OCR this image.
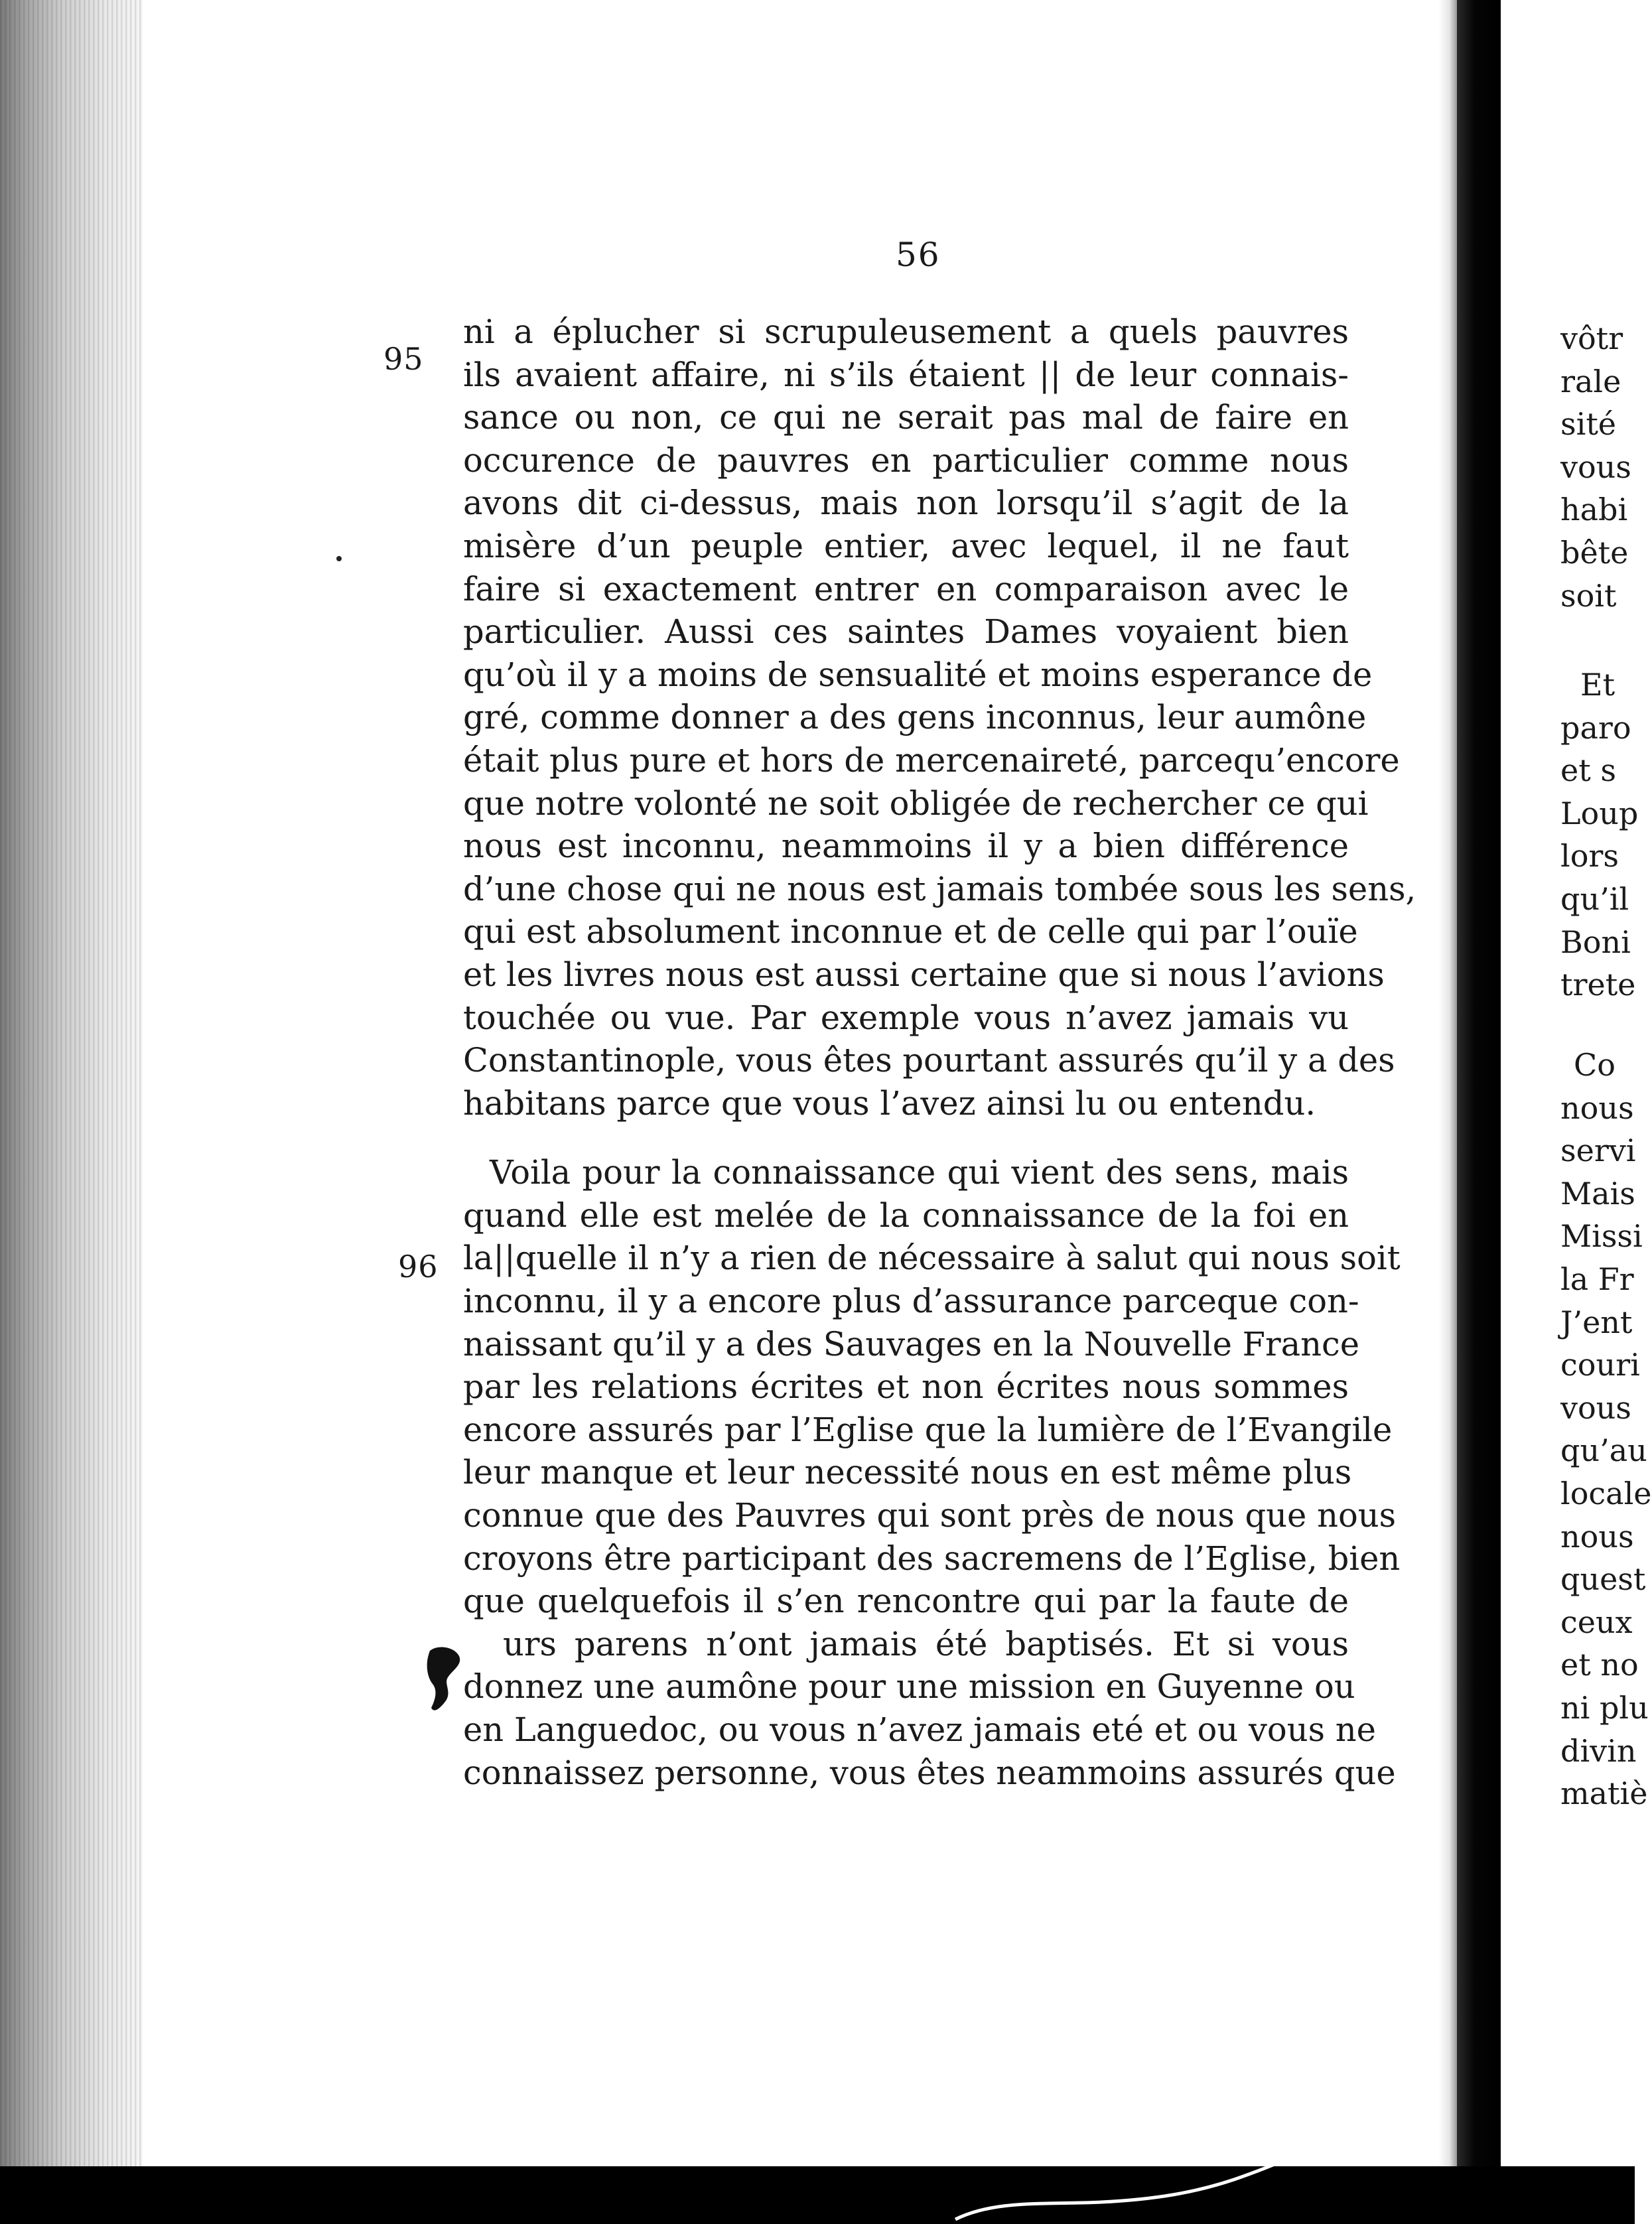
56
95
96
ni a éplucher si scrupuleusement a quels pauvres
ils avaient affaire, ni s’ils étaient || de leur connais-
sance ou non, ce qui ne serait pas mal de faire en
occurence de pauvres en particulier comme nous
avons dit ci-dessus, mais non lorsqu’il s’agit de la
misère d’un peuple entier, avec lequel, il ne faut
faire si exactement entrer en comparaison avec le
particulier. Aussi ces saintes Dames voyaient bien
qu’où il y a moins de sensualité et moins esperance de
gré, comme donner a des gens inconnus, leur aumône
était plus pure et hors de mercenaireté, parcequ’encore
que notre volonté ne soit obligée de rechercher ce qui
nous est inconnu, neammoins il y a bien différence
d’une chose qui ne nous est jamais tombée sous les sens,
qui est absolument inconnue et de celle qui par l’ouïe
et les livres nous est aussi certaine que si nous l’avions
touchée ou vue. Par exemple vous n’avez jamais vu
Constantinople, vous êtes pourtant assurés qu’il y a des
habitans parce que vous l’avez ainsi lu ou entendu.
Voila pour la connaissance qui vient des sens, mais
quand elle est melée de la connaissance de la foi en
la||quelle il n’y a rien de nécessaire à salut qui nous soit
inconnu, il y a encore plus d’assurance parceque con-
naissant qu’il y a des Sauvages en la Nouvelle France
par les relations écrites et non écrites nous sommes
encore assurés par l’Eglise que la lumière de l’Evangile
leur manque et leur necessité nous en est même plus
connue que des Pauvres qui sont près de nous que nous
croyons être participant des sacremens de l’Eglise, bien
que quelquefois il s’en rencontre qui par la faute de
urs parens n’ont jamais été baptisés. Et si vous
donnez une aumône pour une mission en Guyenne ou
en Languedoc, ou vous n’avez jamais eté et ou vous ne
connaissez personne, vous êtes neammoins assurés que
vôtr
rale
sité
vous
habi
bête
soit
Et
paro
et s
Loup
lors
qu’il
Boni
trete
Co
nous
servi
Mais
Missi
la Fr
J’ent
couri
vous
qu’au
locale
nous
quest
ceux
et no
ni plu
divin
matiè
